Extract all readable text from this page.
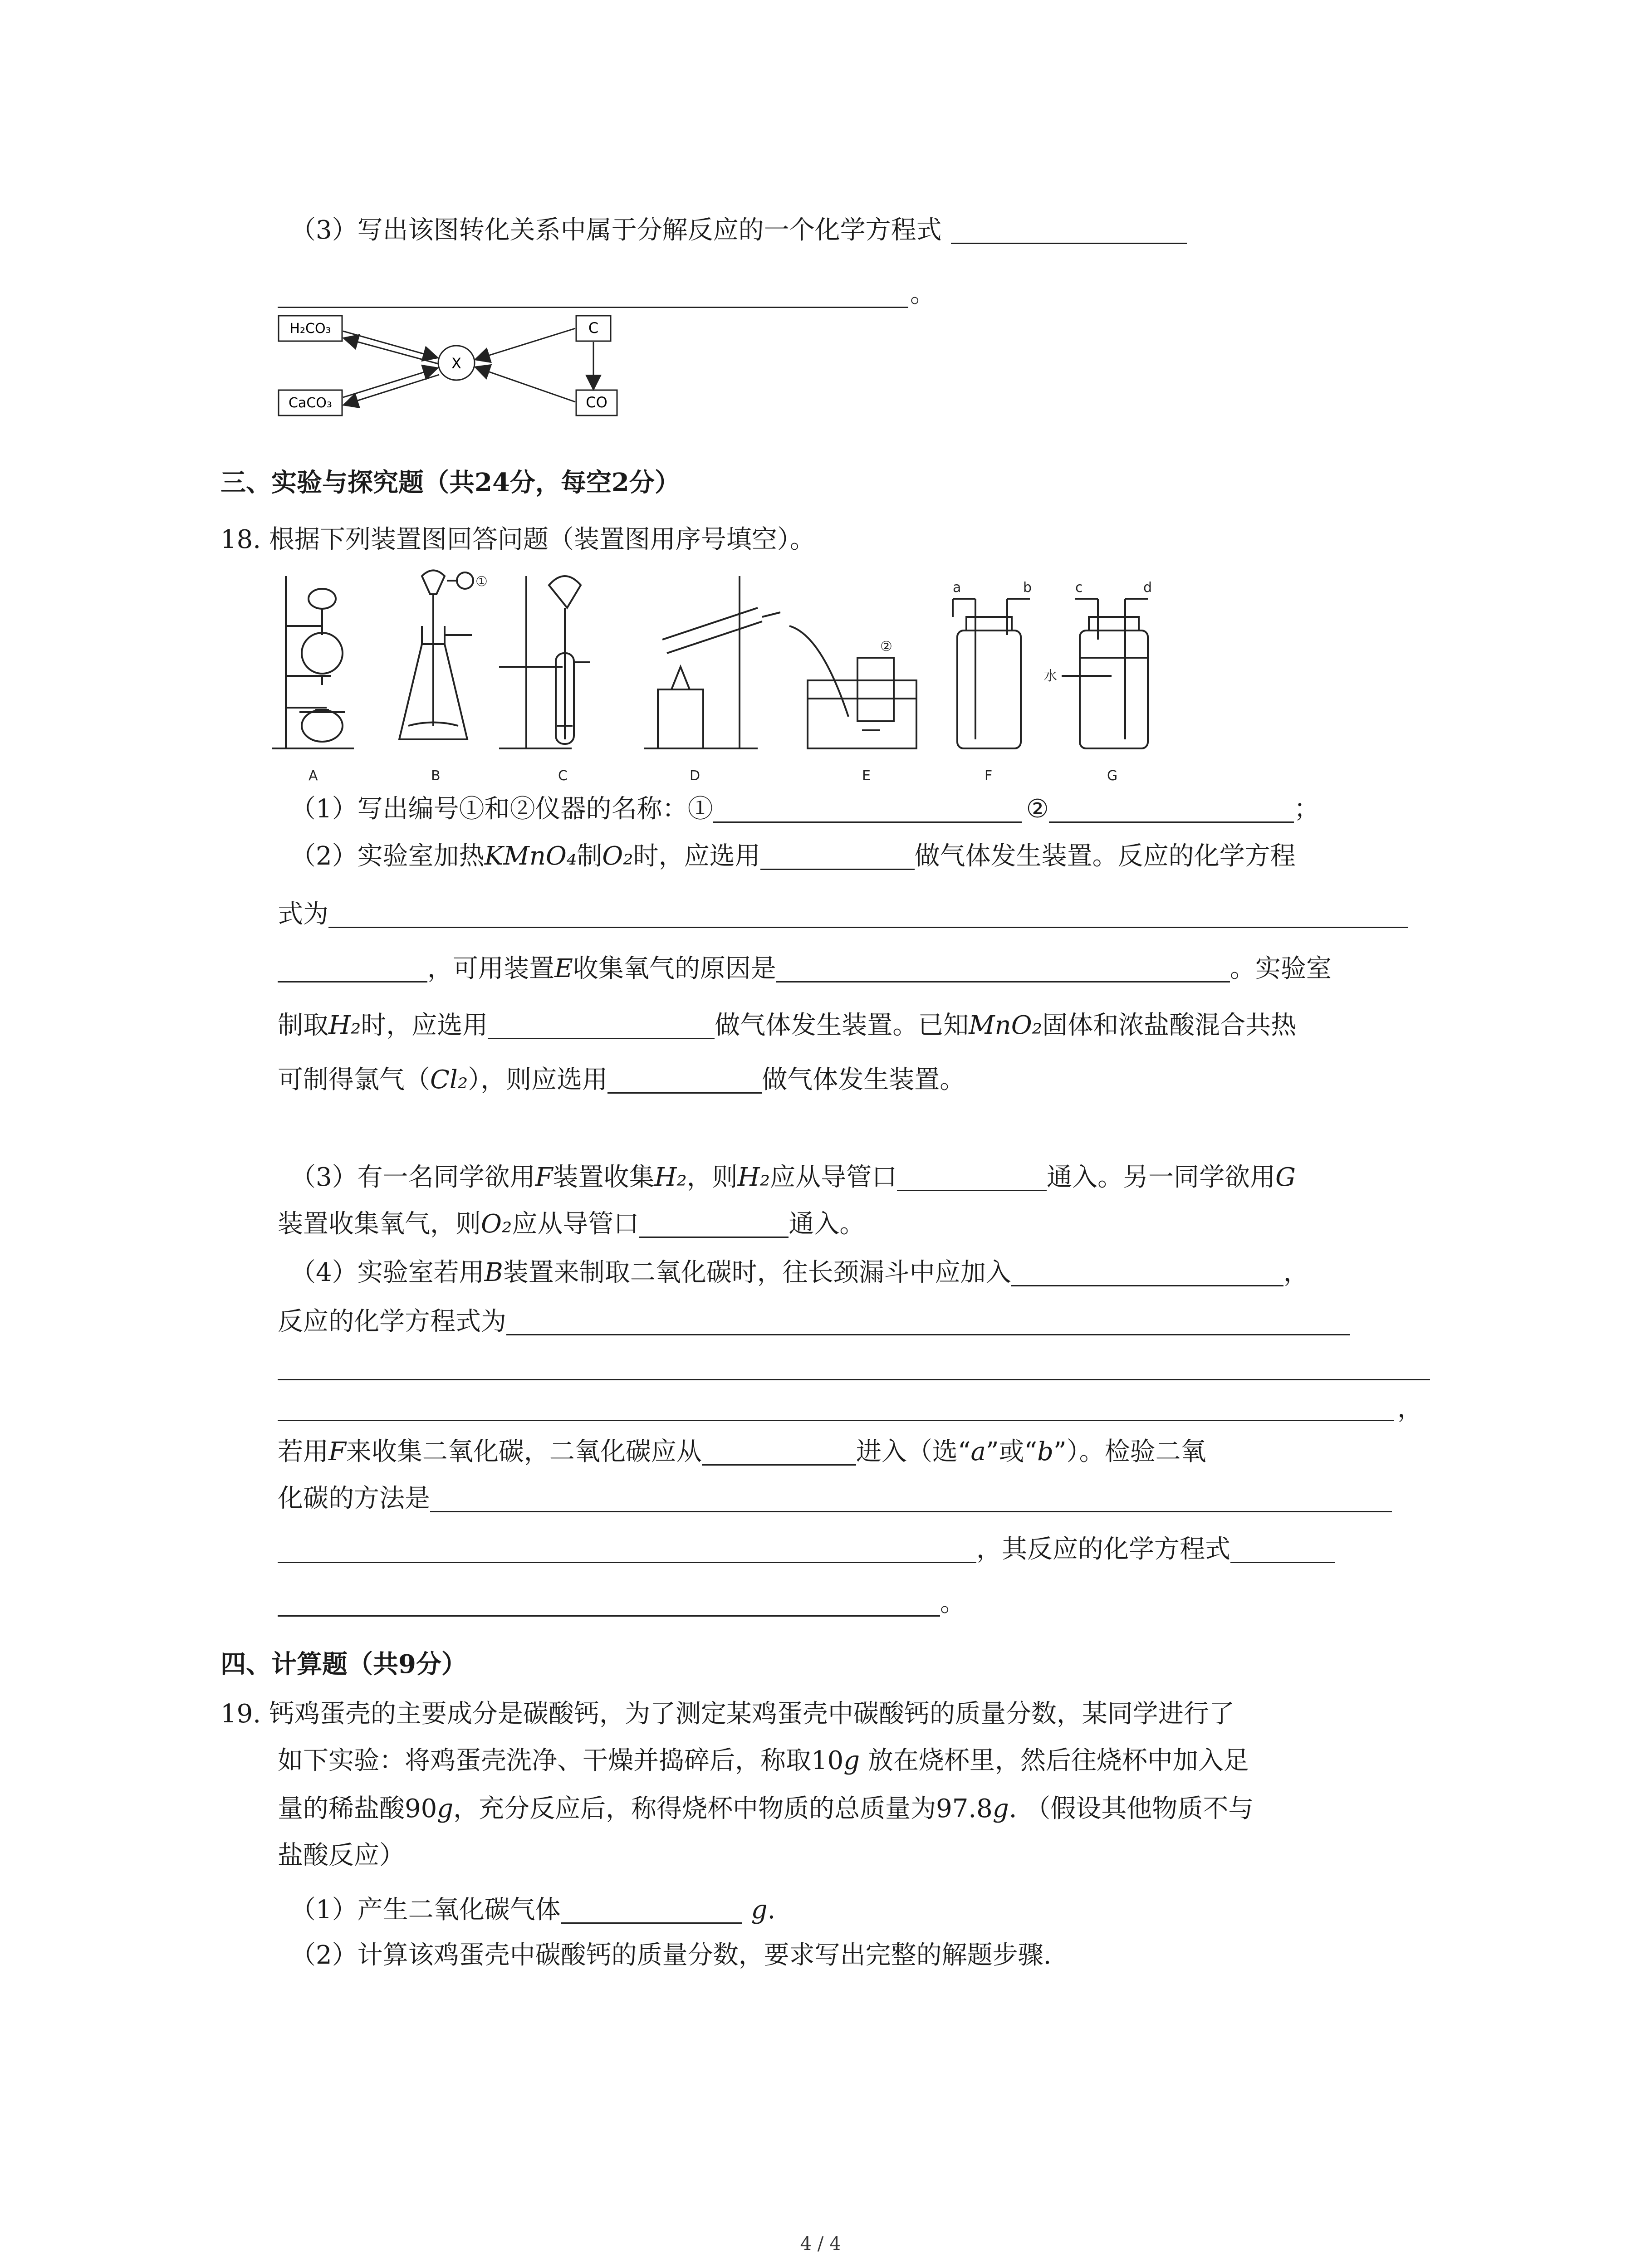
（3）写出该图转化关系中属于分解反应的一个化学方程式
。
H₂CO₃
CaCO₃
X
C
CO
三、实验与探究题（共24分，每空2分）
18. 根据下列装置图回答问题（装置图用序号填空）。
A	B	C	D	E	F	G
①
②
a	b	c	d
水
（1）写出编号①和②仪器的名称：①	②	；
（2）实验室加热KMnO₄制O₂时，应选用	做气体发生装置。反应的化学方程
式为
，可用装置E收集氧气的原因是	。实验室
制取H₂时，应选用	做气体发生装置。已知MnO₂固体和浓盐酸混合共热
可制得氯气（Cl₂），则应选用	做气体发生装置。
（3）有一名同学欲用F装置收集H₂，则H₂应从导管口	通入。另一同学欲用G
装置收集氧气，则O₂应从导管口	通入。
（4）实验室若用B装置来制取二氧化碳时，往长颈漏斗中应加入	，
反应的化学方程式为
，
若用F来收集二氧化碳，二氧化碳应从	进入（选“a”或“b”）。检验二氧
化碳的方法是
，其反应的化学方程式
。
四、计算题（共9分）
19. 钙鸡蛋壳的主要成分是碳酸钙，为了测定某鸡蛋壳中碳酸钙的质量分数，某同学进行了
如下实验：将鸡蛋壳洗净、干燥并捣碎后，称取10g 放在烧杯里，然后往烧杯中加入足
量的稀盐酸90g，充分反应后，称得烧杯中物质的总质量为97.8g. （假设其他物质不与
盐酸反应）
（1）产生二氧化碳气体	g.
（2）计算该鸡蛋壳中碳酸钙的质量分数，要求写出完整的解题步骤.
4 / 4
